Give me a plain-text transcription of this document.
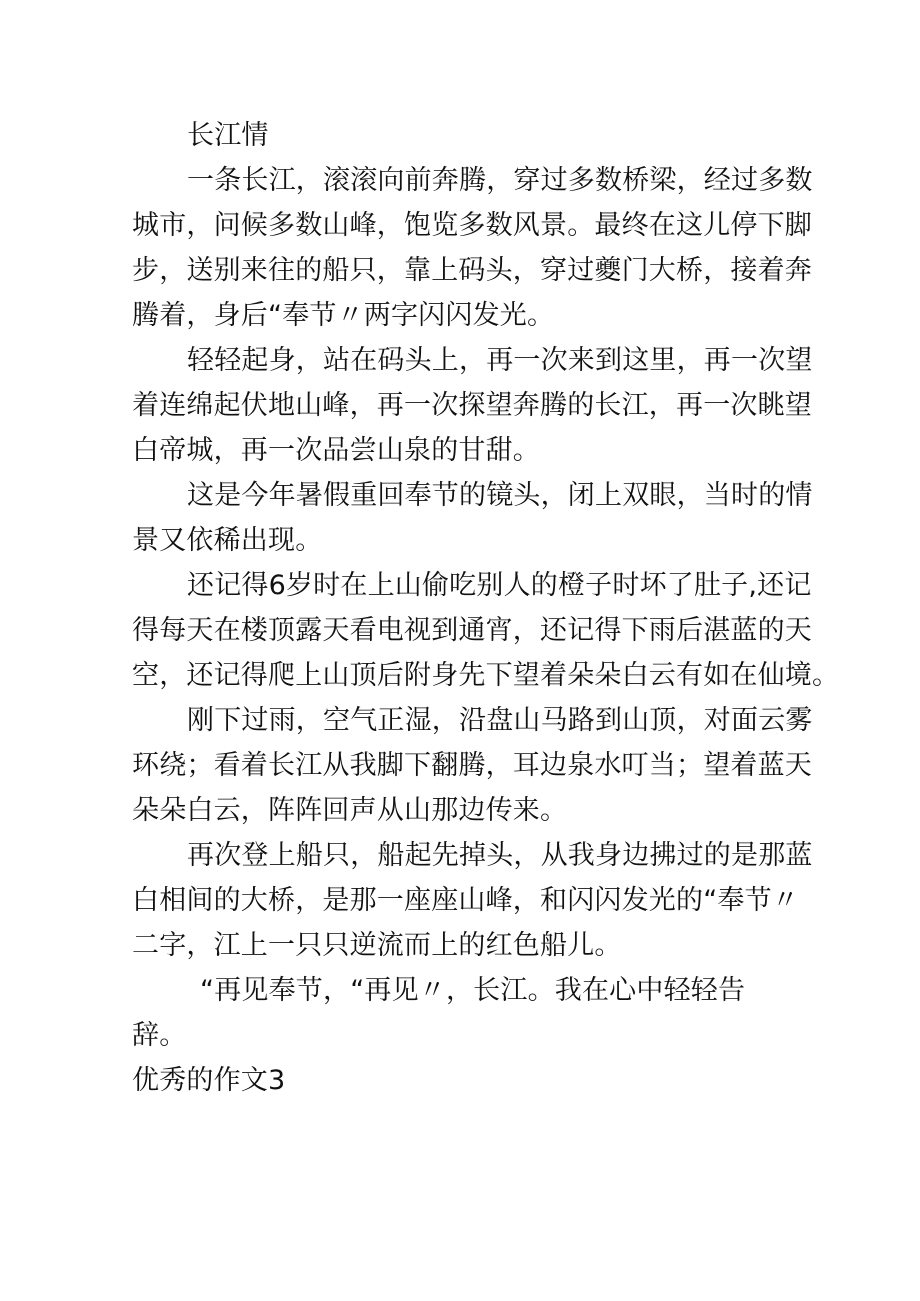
长江情
一条长江，滚滚向前奔腾，穿过多数桥梁，经过多数
城市，问候多数山峰，饱览多数风景。最终在这儿停下脚
步，送别来往的船只，靠上码头，穿过夔门大桥，接着奔
腾着，身后“奉节〃两字闪闪发光。
轻轻起身，站在码头上，再一次来到这里，再一次望
着连绵起伏地山峰，再一次探望奔腾的长江，再一次眺望
白帝城，再一次品尝山泉的甘甜。
这是今年暑假重回奉节的镜头，闭上双眼，当时的情
景又依稀出现。
还记得6岁时在上山偷吃别人的橙子时坏了肚子,还记
得每天在楼顶露天看电视到通宵，还记得下雨后湛蓝的天
空，还记得爬上山顶后附身先下望着朵朵白云有如在仙境。
刚下过雨，空气正湿，沿盘山马路到山顶，对面云雾
环绕；看着长江从我脚下翻腾，耳边泉水叮当；望着蓝天
朵朵白云，阵阵回声从山那边传来。
再次登上船只，船起先掉头，从我身边拂过的是那蓝
白相间的大桥，是那一座座山峰，和闪闪发光的“奉节〃
二字，江上一只只逆流而上的红色船儿。
“再见奉节，“再见〃，长江。我在心中轻轻告
辞。
优秀的作文3
